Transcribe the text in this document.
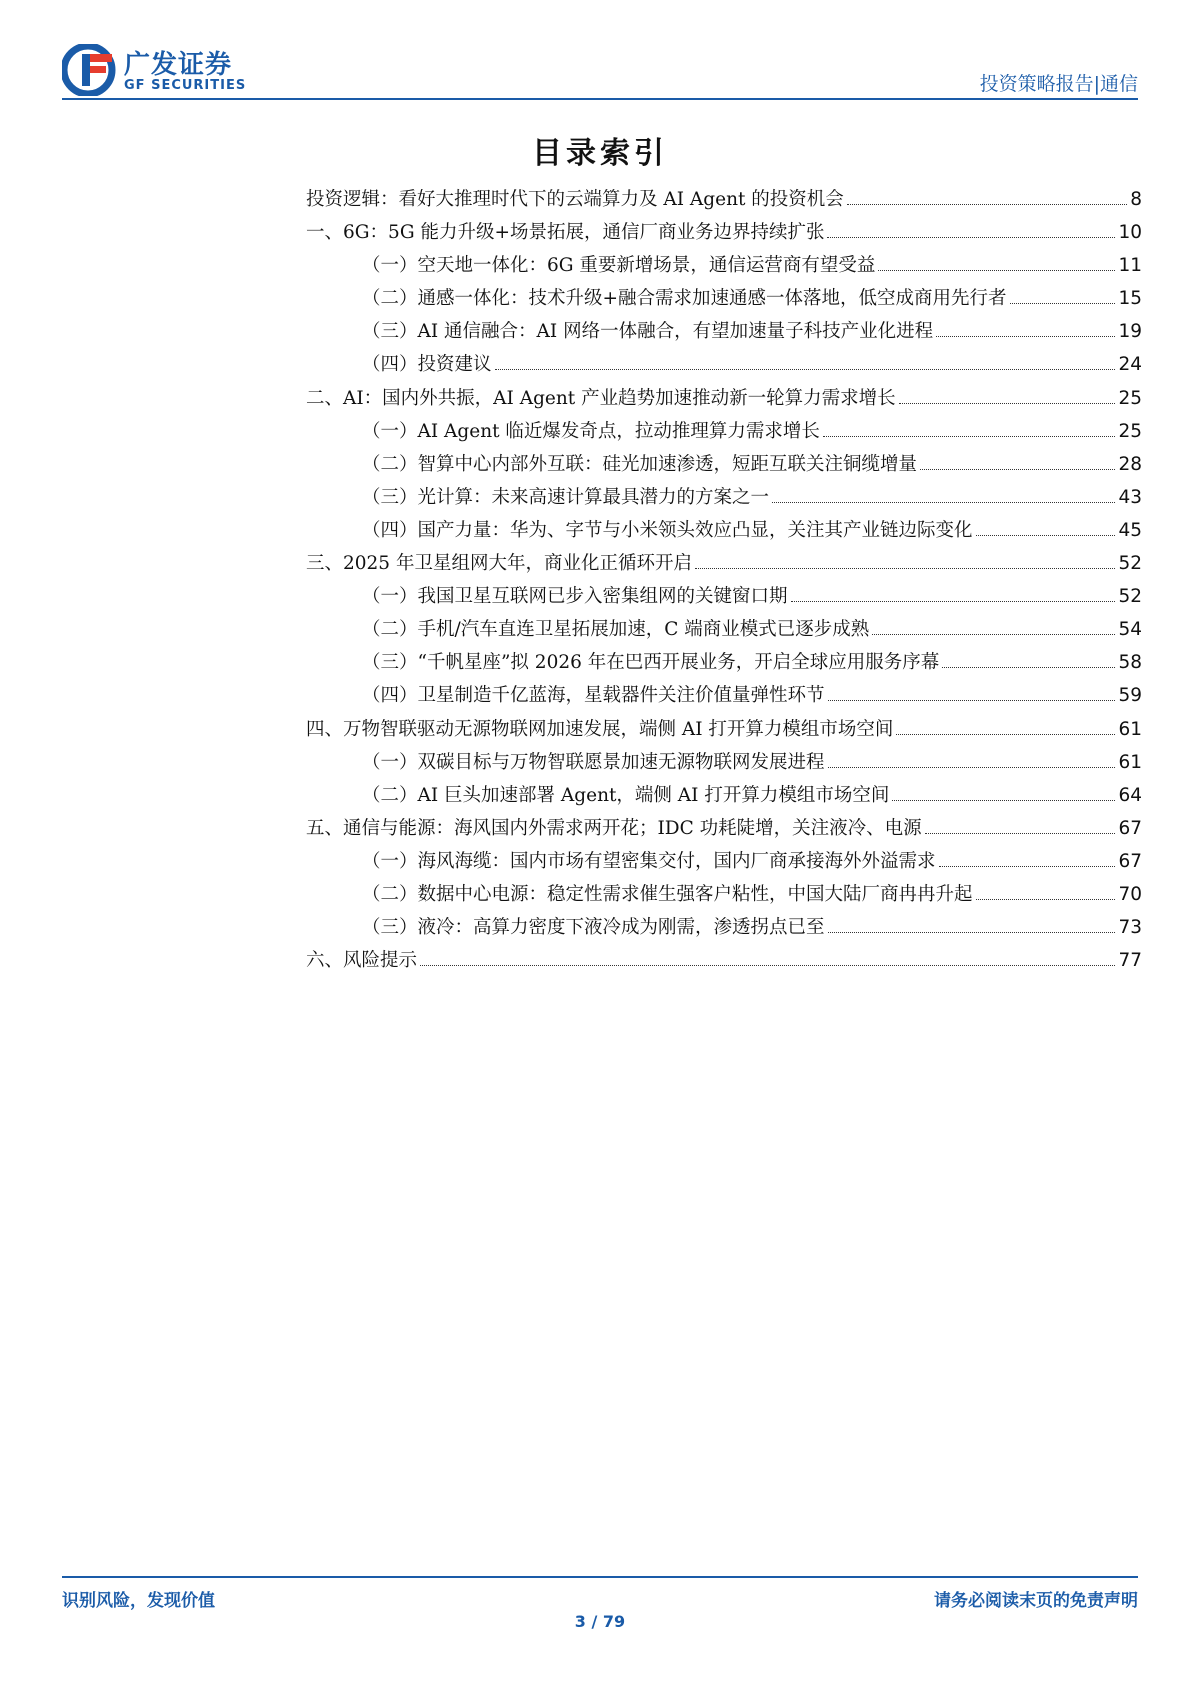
广发证券
GF SECURITIES	投资策略报告|通信
目录索引
投资逻辑：看好大推理时代下的云端算力及 AI Agent 的投资机会	8
一、6G：5G 能力升级+场景拓展，通信厂商业务边界持续扩张	10
（一）空天地一体化：6G 重要新增场景，通信运营商有望受益	11
（二）通感一体化：技术升级+融合需求加速通感一体落地，低空成商用先行者	15
（三）AI 通信融合：AI 网络一体融合，有望加速量子科技产业化进程	19
（四）投资建议	24
二、AI：国内外共振，AI Agent 产业趋势加速推动新一轮算力需求增长	25
（一）AI Agent 临近爆发奇点，拉动推理算力需求增长	25
（二）智算中心内部外互联：硅光加速渗透，短距互联关注铜缆增量	28
（三）光计算：未来高速计算最具潜力的方案之一	43
（四）国产力量：华为、字节与小米领头效应凸显，关注其产业链边际变化	45
三、2025 年卫星组网大年，商业化正循环开启	52
（一）我国卫星互联网已步入密集组网的关键窗口期	52
（二）手机/汽车直连卫星拓展加速，C 端商业模式已逐步成熟	54
（三）“千帆星座”拟 2026 年在巴西开展业务，开启全球应用服务序幕	58
（四）卫星制造千亿蓝海，星载器件关注价值量弹性环节	59
四、万物智联驱动无源物联网加速发展，端侧 AI 打开算力模组市场空间	61
（一）双碳目标与万物智联愿景加速无源物联网发展进程	61
（二）AI 巨头加速部署 Agent，端侧 AI 打开算力模组市场空间	64
五、通信与能源：海风国内外需求两开花；IDC 功耗陡增，关注液冷、电源	67
（一）海风海缆：国内市场有望密集交付，国内厂商承接海外外溢需求	67
（二）数据中心电源：稳定性需求催生强客户粘性，中国大陆厂商冉冉升起	70
（三）液冷：高算力密度下液冷成为刚需，渗透拐点已至	73
六、风险提示	77
识别风险，发现价值	请务必阅读末页的免责声明
3 / 79
